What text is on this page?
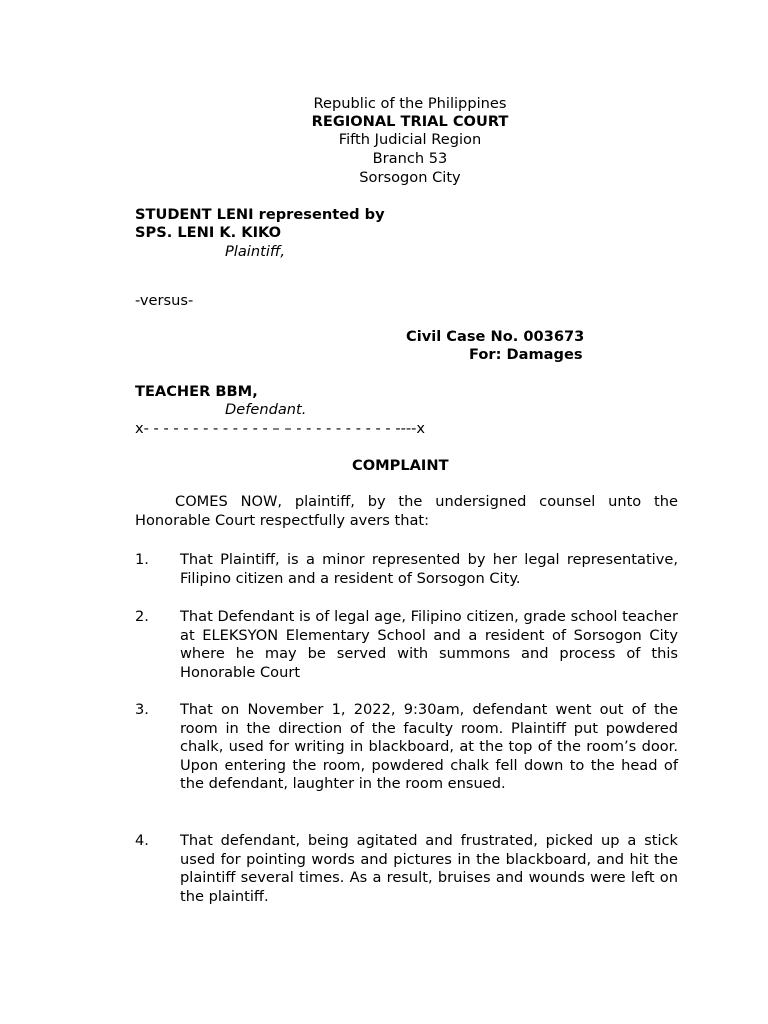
Republic of the Philippines
REGIONAL TRIAL COURT
Fifth Judicial Region
Branch 53
Sorsogon City
STUDENT LENI represented by
SPS. LENI K. KIKO
Plaintiff,
-versus-
Civil Case No. 003673
For: Damages
TEACHER BBM,
Defendant.
x- - - - - - - - - - - - - – – - - - - - - - - - - ----x
COMPLAINT
COMES NOW, plaintiff, by the undersigned counsel unto the Honorable Court respectfully avers that:
1. That Plaintiff, is a minor represented by her legal representative, Filipino citizen and a resident of Sorsogon City.
2. That Defendant is of legal age, Filipino citizen, grade school teacher at ELEKSYON Elementary School and a resident of Sorsogon City where he may be served with summons and process of this Honorable Court
3. That on November 1, 2022, 9:30am, defendant went out of the room in the direction of the faculty room. Plaintiff put powdered chalk, used for writing in blackboard, at the top of the room’s door. Upon entering the room, powdered chalk fell down to the head of the defendant, laughter in the room ensued.
4. That defendant, being agitated and frustrated, picked up a stick used for pointing words and pictures in the blackboard, and hit the plaintiff several times. As a result, bruises and wounds were left on the plaintiff.
